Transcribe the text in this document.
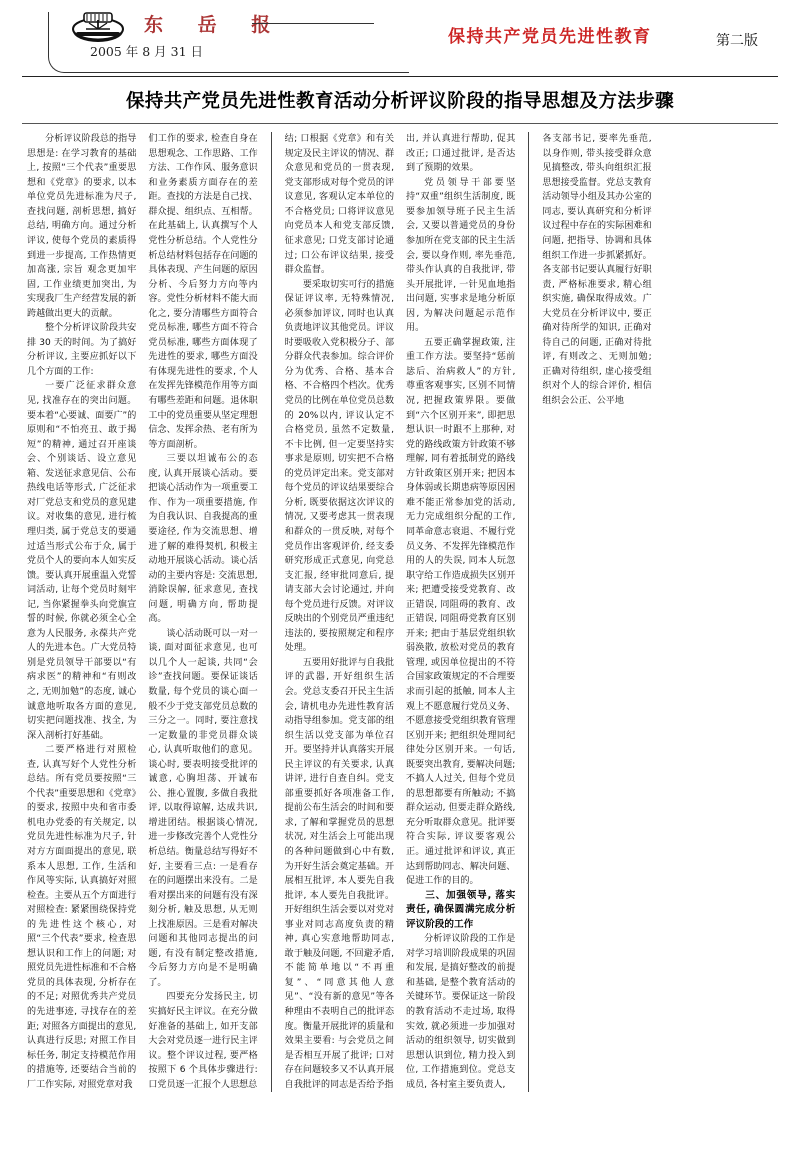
东 岳 报
2005 年 8 月 31 日
保持共产党员先进性教育	第二版
保持共产党员先进性教育活动分析评议阶段的指导思想及方法步骤

分析评议阶段总的指导思想是: 在学习教育的基础上, 按照“三个代表”重要思想和《党章》的要求, 以本单位党员先进标准为尺子, 查找问题, 剖析思想, 搞好总结, 明确方向。通过分析评议, 使每个党员的素质得到进一步提高, 工作热情更加高涨, 宗旨 观念更加牢固, 工作业绩更加突出, 为实现我厂生产经营发展的新跨越做出更大的贡献。

整个分析评议阶段共安排 30 天的时间。为了搞好分析评议, 主要应抓好以下几个方面的工作:

一要广泛征求群众意见, 找准存在的突出问题。要本着“心要诚、面要广”的原则和“不怕亮丑、敢于揭短”的精神, 通过召开座谈会、个别谈话、设立意见箱、发送征求意见信、公布热线电话等形式, 广泛征求对厂党总支和党员的意见建议。对收集的意见, 进行梳理归类, 属于党总支的要通过适当形式公布于众, 属于党员个人的要向本人如实反馈。要认真开展重温入党誓词活动, 让每个党员时刻牢记, 当你紧握拳头向党旗宣誓的时候, 你就必须全心全意为人民服务, 永葆共产党人的先进本色。广大党员特别是党员领导干部要以“有病求医”的精神和“有则改之, 无则加勉”的态度, 诚心诚意地听取各方面的意见, 切实把问题找准、找全, 为深入剖析打好基础。

二要严格进行对照检查, 认真写好个人党性分析总结。所有党员要按照“三个代表”重要思想和《党章》的要求, 按照中央和省市委机电办党委的有关规定, 以党员先进性标准为尺子, 针对方方面面提出的意见, 联系本人思想, 工作, 生活和作风等实际, 认真搞好对照检查。主要从五个方面进行对照检查: 紧紧围绕保持党的先进性这个核心, 对照“三个代表”要求, 检查思想认识和工作上的问题; 对照党员先进性标准和不合格党员的具体表现, 分析存在的不足; 对照优秀共产党员的先进事迹, 寻找存在的差距; 对照各方面提出的意见, 认真进行反思; 对照工作目标任务, 制定支持模范作用的措施等, 还要结合当前的厂工作实际, 对照党章对我

们工作的要求, 检查自身在思想观念、工作思路、工作方法、工作作风、服务意识和业务素质方面存在的差距。查找的方法是自己找、群众提、组织点、互相帮。在此基础上, 认真撰写个人党性分析总结。个人党性分析总结材料包括存在问题的具体表现、产生问题的原因分析、今后努力方向等内容。党性分析材料不能大而化之, 要分清哪些方面符合党员标准, 哪些方面不符合党员标准, 哪些方面体现了先进性的要求, 哪些方面没有体现先进性的要求, 个人在发挥先锋模范作用等方面有哪些差距和问题。退休职工中的党员重要从坚定理想信念、发挥余热、老有所为等方面剖析。

三要以坦诚布公的态度, 认真开展谈心活动。要把谈心活动作为一项重要工作、作为一项重要措施, 作为自我认识、自我提高的重要途径, 作为交流思想、增进了解的难得契机, 积极主动地开展谈心活动。谈心活动的主要内容是: 交流思想, 消除误解, 征求意见, 查找问题, 明确方向, 帮助提高。

谈心活动既可以一对一谈, 面对面征求意见, 也可以几个人一起谈, 共同“会诊”查找问题。要保证谈话数量, 每个党员的谈心面一般不少于党支部党员总数的三分之一。同时, 要注意找一定数量的非党员群众谈心, 认真听取他们的意见。谈心时, 要表明接受批评的诚意, 心胸坦荡、开诚布公、推心置腹, 多做自我批评, 以取得谅解, 达成共识, 增进团结。根据谈心情况, 进一步修改完善个人党性分析总结。衡量总结写得好不好, 主要看三点: 一是看存在的问题摆出来没有。二是看对摆出来的问题有没有深刻分析, 触及思想, 从无则上找准原因。三是看对解决问题和其他同志提出的问题, 有没有制定整改措施, 今后努力方向是不是明确了。

四要充分发扬民主, 切实搞好民主评议。在充分做好准备的基础上, 如开支部大会对党员逐一进行民主评议。整个评议过程, 要严格按照下 6 个具体步骤进行: 口党员逐一汇报个人思想总

结; 口根据《党章》和有关规定及民主评议的情况、群众意见和党员的一贯表现, 党支部形成对每个党员的评议意见, 客观认定本单位的不合格党员; 口将评议意见向党员本人和党支部反馈, 征求意见; 口党支部讨论通过; 口公布评议结果, 接受群众监督。

要采取切实可行的措施保证评议率, 无特殊情况, 必须参加评议, 同时也认真负责地评议其他党员。评议时要吸收入党积极分子、部分群众代表参加。综合评价分为优秀、合格、基本合格、不合格四个档次。优秀党员的比例在单位党员总数的 20%以内, 评议认定不合格党员, 虽然不定数量, 不卡比例, 但一定要坚持实事求是原则, 切实把不合格的党员评定出来。党支部对每个党员的评议结果要综合分析, 既要依据这次评议的情况, 又要考虑其一贯表现和群众的一贯反映, 对每个党员作出客观评价, 经支委研究形成正式意见, 向党总支汇报, 经审批同意后, 提请支部大会讨论通过, 并向每个党员进行反馈。对评议反映出的个别党员严重违纪违法的, 要按照规定和程序处理。

五要用好批评与自我批评的武器, 开好组织生活会。党总支委召开民主生活会, 请机电办先进性教育活动指导组参加。党支部的组织生活以党支部为单位召开。要坚持并认真落实开展民主评议的有关要求, 认真讲评, 进行自查自纠。党支部重要抓好各项准备工作, 提前公布生活会的时间和要求, 了解和掌握党员的思想状况, 对生活会上可能出现的各种问题做到心中有数, 为开好生活会奠定基础。开展相互批评, 本人要先自我批评, 本人要先自我批评。开好组织生活会要以对党对事业对同志高度负责的精神, 真心实意地帮助同志, 敢于触及问题, 不回避矛盾, 不能简单地以“不再重复”、“同意其他人意见”、“没有新的意见”等各种理由不表明自己的批评态度。衡量开展批评的质量和效果主要看: 与会党员之间是否相互开展了批评; 口对存在问题较多又不认真开展自我批评的同志是否给予指

出, 并认真进行帮助, 促其改正; 口通过批评, 是否达到了预期的效果。

党员领导干部要坚持“双重”组织生活制度, 既要参加领导班子民主生活会, 又要以普通党员的身份参加所在党支部的民主生活会, 要以身作则, 率先垂范, 带头作认真的自我批评, 带头开展批评, 一针见血地指出问题, 实事求是地分析原因, 为解决问题起示范作用。

五要正确掌握政策, 注重工作方法。要坚持“惩前毖后、治病救人”的方针, 尊重客观事实, 区别不同情况, 把握政策界限。要做到“六个区别开来”, 即把思想认识一时跟不上那种, 对党的路线政策方针政策不够理解, 同有着抵制党的路线方针政策区别开来; 把因本身体弱或长期患病等原因困难不能正常参加党的活动, 无力完成组织分配的工作, 同革命意志衰退、不履行党员义务、不发挥先锋模范作用的人的失误, 同本人玩忽职守给工作造成损失区别开来; 把遭受接受党教育、改正错误, 同阻碍的教育、改正错误, 同阻碍党教育区别开来; 把由于基层党组织软弱涣散, 放松对党员的教育管理, 或因单位提出的不符合国家政策规定的不合理要求而引起的抵触, 同本人主观上不愿意履行党员义务、不愿意接受党组织教育管理区别开来; 把组织处理同纪律处分区别开来。一句话, 既要突出教育, 要解决问题; 不搞人人过关, 但每个党员的思想都要有所触动; 不搞群众运动, 但要走群众路线, 充分听取群众意见。批评要符合实际, 评议要客观公正。通过批评和评议, 真正达到帮助同志、解决问题、促进工作的目的。

三、加强领导, 落实责任, 确保圆满完成分析评议阶段的工作

分析评议阶段的工作是对学习培训阶段成果的巩固和发展, 是搞好整改的前提和基础, 是整个教育活动的关键环节。要保证这一阶段的教育活动不走过场, 取得实效, 就必须进一步加强对活动的组织领导, 切实做到思想认识到位, 精力投入到位, 工作措施到位。党总支成员, 各村室主要负责人,

各支部书记, 要率先垂范, 以身作则, 带头接受群众意见搞整改, 带头向组织汇报思想接受监督。党总支教育活动领导小组及其办公室的同志, 要认真研究和分析评议过程中存在的实际困难和问题, 把指导、协调和具体组织工作进一步抓紧抓好。各支部书记要认真履行好职责, 严格标准要求, 精心组织实施, 确保取得成效。广大党员在分析评议中, 要正确对待所学的知识, 正确对待自己的问题, 正确对待批评, 有则改之、无则加勉; 正确对待组织, 虚心接受组织对个人的综合评价, 相信组织会公正、公平地
